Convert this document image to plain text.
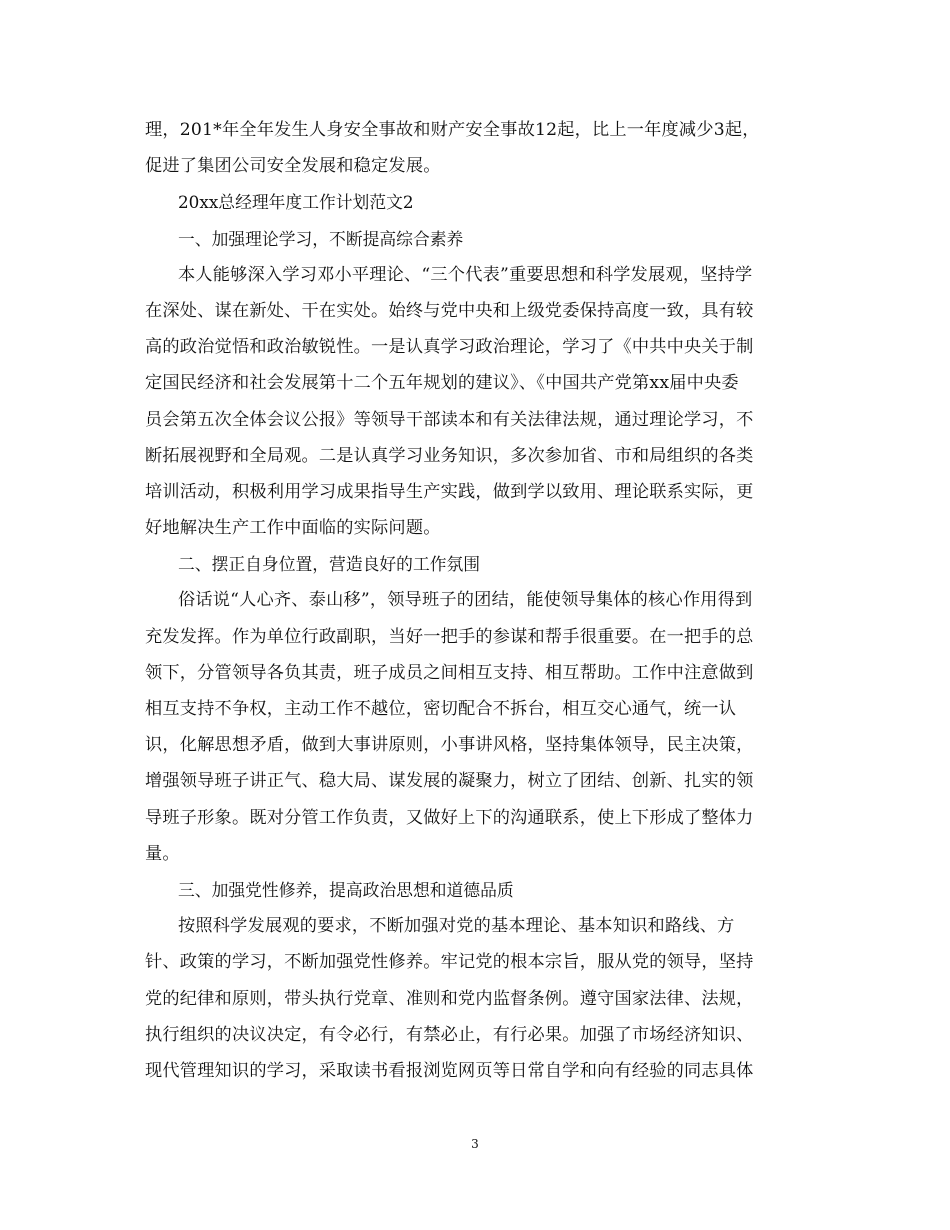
理，201*年全年发生人身安全事故和财产安全事故12起，比上一年度减少3起，
促进了集团公司安全发展和稳定发展。
20xx总经理年度工作计划范文2
一、加强理论学习，不断提高综合素养
本人能够深入学习邓小平理论、“三个代表”重要思想和科学发展观，坚持学
在深处、谋在新处、干在实处。始终与党中央和上级党委保持高度一致，具有较
高的政治觉悟和政治敏锐性。一是认真学习政治理论，学习了《中共中央关于制
定国民经济和社会发展第十二个五年规划的建议》、《中国共产党第xx届中央委
员会第五次全体会议公报》等领导干部读本和有关法律法规，通过理论学习，不
断拓展视野和全局观。二是认真学习业务知识，多次参加省、市和局组织的各类
培训活动，积极利用学习成果指导生产实践，做到学以致用、理论联系实际，更
好地解决生产工作中面临的实际问题。
二、摆正自身位置，营造良好的工作氛围
俗话说“人心齐、泰山移”，领导班子的团结，能使领导集体的核心作用得到
充发发挥。作为单位行政副职，当好一把手的参谋和帮手很重要。在一把手的总
领下，分管领导各负其责，班子成员之间相互支持、相互帮助。工作中注意做到
相互支持不争权，主动工作不越位，密切配合不拆台，相互交心通气，统一认
识，化解思想矛盾，做到大事讲原则，小事讲风格，坚持集体领导，民主决策，
增强领导班子讲正气、稳大局、谋发展的凝聚力，树立了团结、创新、扎实的领
导班子形象。既对分管工作负责，又做好上下的沟通联系，使上下形成了整体力
量。
三、加强党性修养，提高政治思想和道德品质
按照科学发展观的要求，不断加强对党的基本理论、基本知识和路线、方
针、政策的学习，不断加强党性修养。牢记党的根本宗旨，服从党的领导，坚持
党的纪律和原则，带头执行党章、准则和党内监督条例。遵守国家法律、法规，
执行组织的决议决定，有令必行，有禁必止，有行必果。加强了市场经济知识、
现代管理知识的学习，采取读书看报浏览网页等日常自学和向有经验的同志具体
3
